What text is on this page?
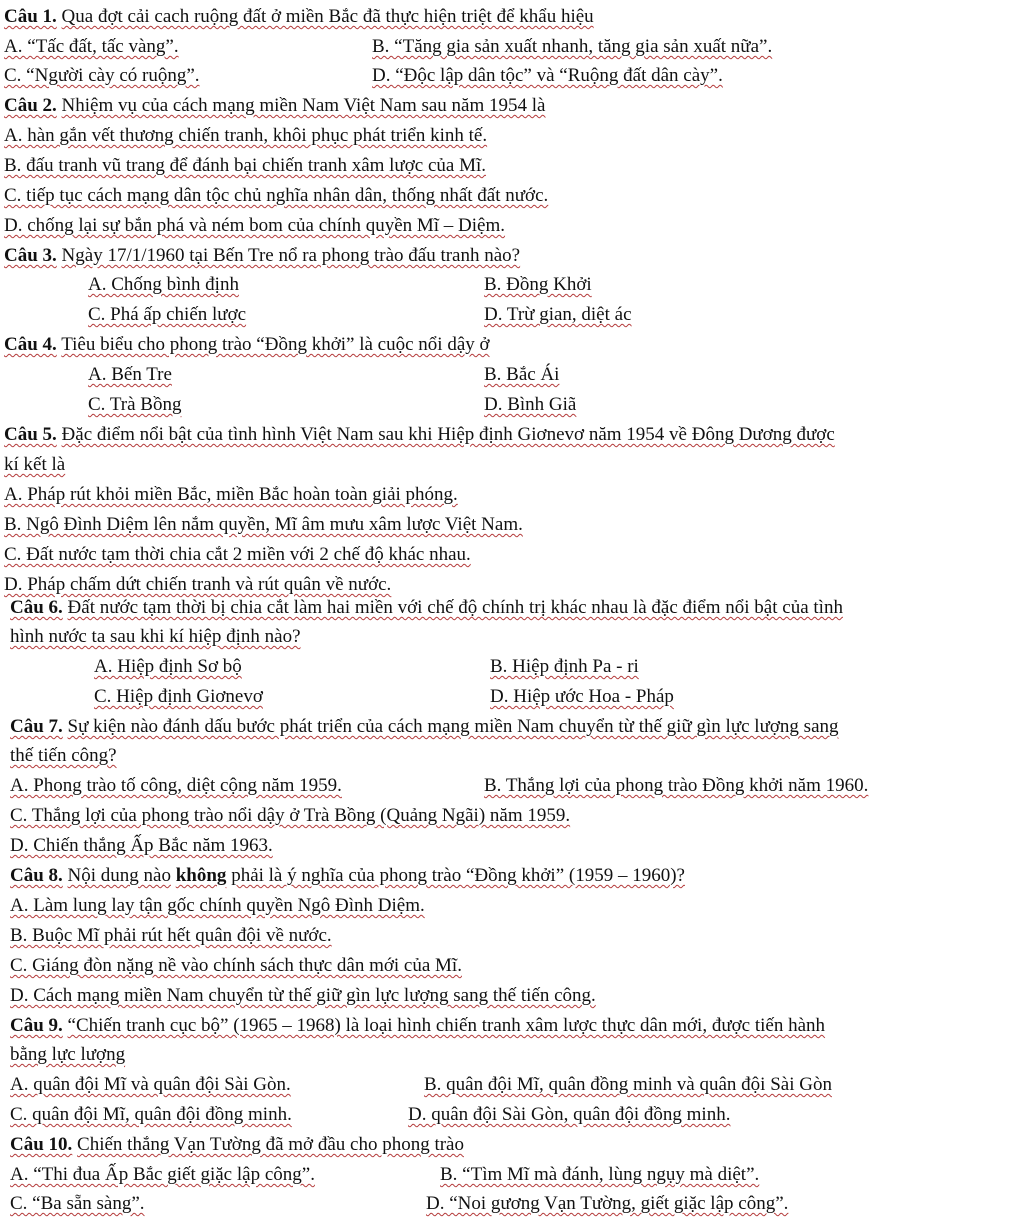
Câu 1. Qua đợt cải cach ruộng đất ở miền Bắc đã thực hiện triệt để khẩu hiệu
A. “Tấc đất, tấc vàng”.	B. “Tăng gia sản xuất nhanh, tăng gia sản xuất nữa”.
C. “Người cày có ruộng”.	D. “Độc lập dân tộc” và “Ruộng đất dân cày”.
Câu 2. Nhiệm vụ của cách mạng miền Nam Việt Nam sau năm 1954 là
A. hàn gắn vết thương chiến tranh, khôi phục phát triển kinh tế.
B. đấu tranh vũ trang để đánh bại chiến tranh xâm lược của Mĩ.
C. tiếp tục cách mạng dân tộc chủ nghĩa nhân dân, thống nhất đất nước.
D. chống lại sự bắn phá và ném bom của chính quyền Mĩ – Diệm.
Câu 3. Ngày 17/1/1960 tại Bến Tre nổ ra phong trào đấu tranh nào?
A. Chống bình định	B. Đồng Khởi
C. Phá ấp chiến lược	D. Trừ gian, diệt ác
Câu 4. Tiêu biểu cho phong trào “Đồng khởi” là cuộc nổi dậy ở
A. Bến Tre	B. Bắc Ái
C. Trà Bồng	D. Bình Giã
Câu 5. Đặc điểm nổi bật của tình hình Việt Nam sau khi Hiệp định Giơnevơ năm 1954 về Đông Dương được
kí kết là
A. Pháp rút khỏi miền Bắc, miền Bắc hoàn toàn giải phóng.
B. Ngô Đình Diệm lên nắm quyền, Mĩ âm mưu xâm lược Việt Nam.
C. Đất nước tạm thời chia cắt 2 miền với 2 chế độ khác nhau.
D. Pháp chấm dứt chiến tranh và rút quân về nước.
Câu 6. Đất nước tạm thời bị chia cắt làm hai miền với chế độ chính trị khác nhau là đặc điểm nổi bật của tình
hình nước ta sau khi kí hiệp định nào?
A. Hiệp định Sơ bộ	B. Hiệp định Pa - ri
C. Hiệp định Giơnevơ	D. Hiệp ước Hoa - Pháp
Câu 7. Sự kiện nào đánh dấu bước phát triển của cách mạng miền Nam chuyển từ thế giữ gìn lực lượng sang
thế tiến công?
A. Phong trào tố công, diệt cộng năm 1959.	B. Thắng lợi của phong trào Đồng khởi năm 1960.
C. Thắng lợi của phong trào nổi dậy ở Trà Bồng (Quảng Ngãi) năm 1959.
D. Chiến thắng Ấp Bắc năm 1963.
Câu 8. Nội dung nào không phải là ý nghĩa của phong trào “Đồng khởi” (1959 – 1960)?
A. Làm lung lay tận gốc chính quyền Ngô Đình Diệm.
B. Buộc Mĩ phải rút hết quân đội về nước.
C. Giáng đòn nặng nề vào chính sách thực dân mới của Mĩ.
D. Cách mạng miền Nam chuyển từ thế giữ gìn lực lượng sang thế tiến công.
Câu 9. “Chiến tranh cục bộ” (1965 – 1968) là loại hình chiến tranh xâm lược thực dân mới, được tiến hành
bằng lực lượng
A. quân đội Mĩ và quân đội Sài Gòn.	B. quân đội Mĩ, quân đồng minh và quân đội Sài Gòn
C. quân đội Mĩ, quân đội đồng minh.	D. quân đội Sài Gòn, quân đội đồng minh.
Câu 10. Chiến thắng Vạn Tường đã mở đầu cho phong trào
A. “Thi đua Ấp Bắc giết giặc lập công”.	B. “Tìm Mĩ mà đánh, lùng ngụy mà diệt”.
C. “Ba sẵn sàng”.	D. “Noi gương Vạn Tường, giết giặc lập công”.
